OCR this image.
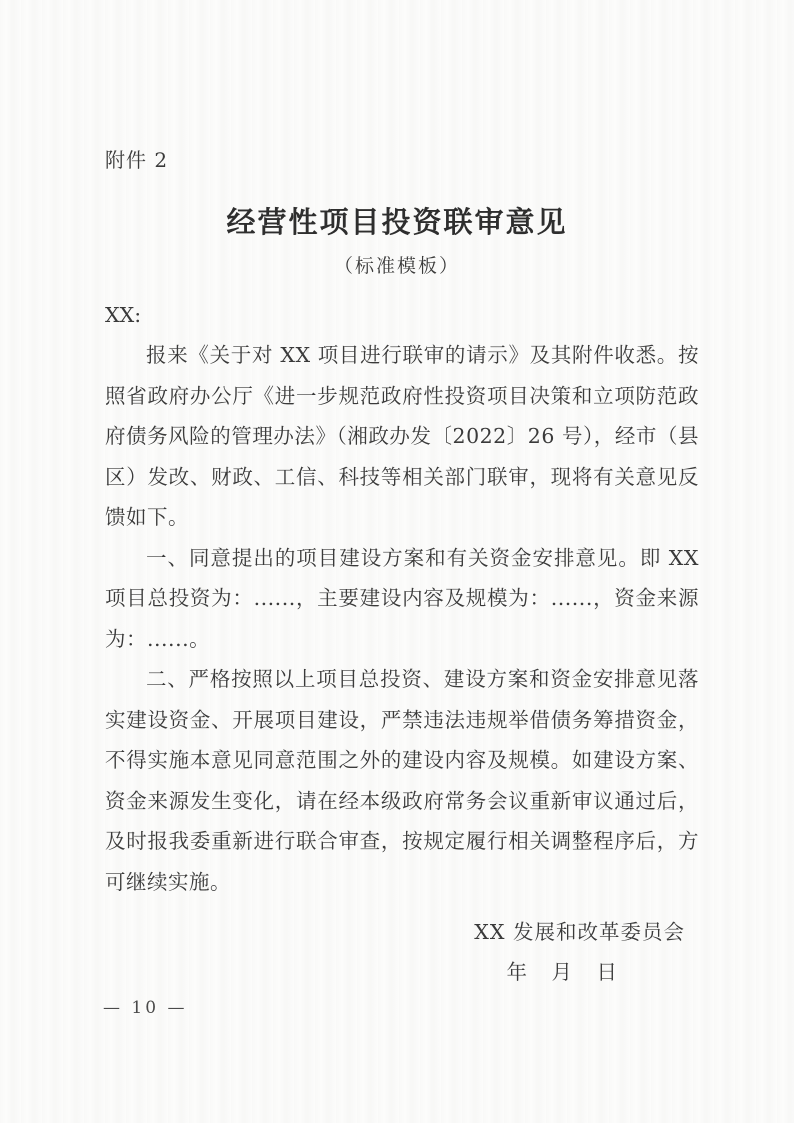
附件 2
经营性项目投资联审意见
（标准模板）
XX:

报来《关于对 XX 项目进行联审的请示》及其附件收悉。按照省政府办公厅《进一步规范政府性投资项目决策和立项防范政府债务风险的管理办法》（湘政办发〔2022〕26 号），经市（县区）发改、财政、工信、科技等相关部门联审，现将有关意见反馈如下。

一、同意提出的项目建设方案和有关资金安排意见。即 XX 项目总投资为：......，主要建设内容及规模为：......，资金来源为：......。

二、严格按照以上项目总投资、建设方案和资金安排意见落实建设资金、开展项目建设，严禁违法违规举借债务筹措资金，不得实施本意见同意范围之外的建设内容及规模。如建设方案、资金来源发生变化，请在经本级政府常务会议重新审议通过后，及时报我委重新进行联合审查，按规定履行相关调整程序后，方可继续实施。

XX 发展和改革委员会
年　月　日
— 10 —
